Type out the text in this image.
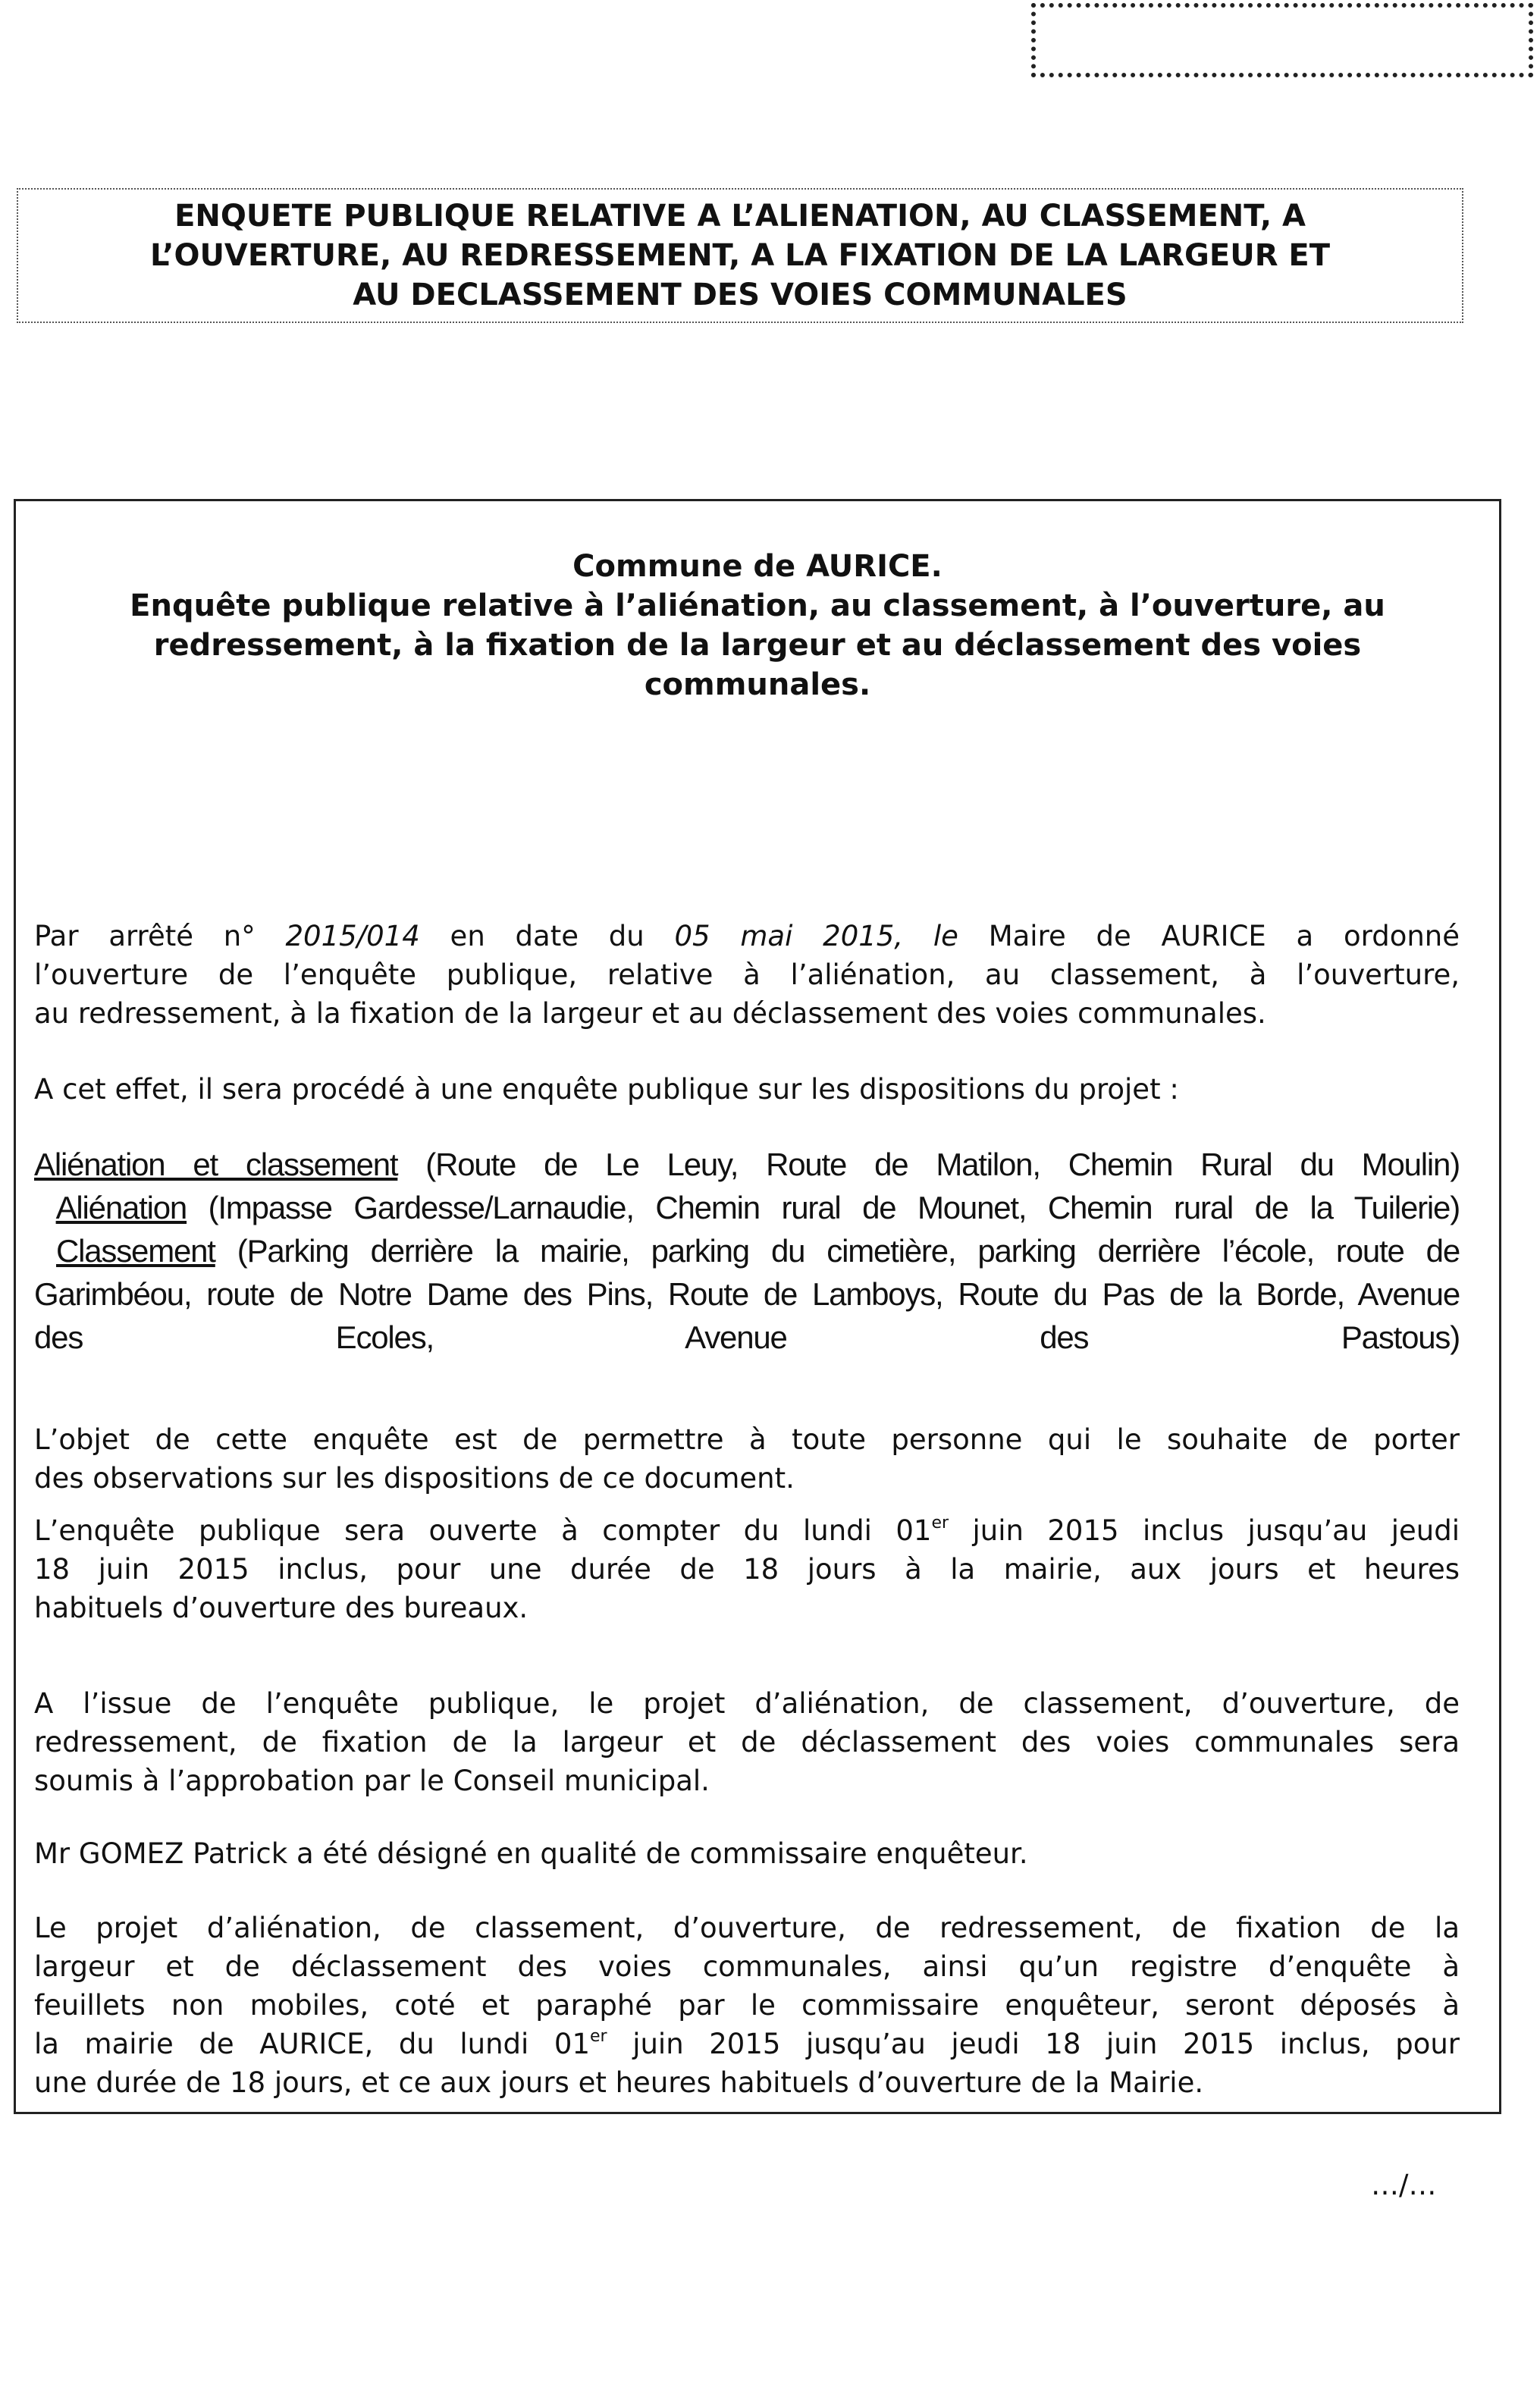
ENQUETE PUBLIQUE RELATIVE A L’ALIENATION, AU CLASSEMENT, A
L’OUVERTURE, AU REDRESSEMENT, A LA FIXATION DE LA LARGEUR ET
AU DECLASSEMENT DES VOIES COMMUNALES
Commune de AURICE.
Enquête publique relative à l’aliénation, au classement, à l’ouverture, au
redressement, à la fixation de la largeur et au déclassement des voies
communales.
Par arrêté n° 2015/014 en date du 05 mai 2015, le Maire de AURICE a ordonné
l’ouverture de l’enquête publique, relative à l’aliénation, au classement, à l’ouverture,
au redressement, à la fixation de la largeur et au déclassement des voies communales.
A cet effet, il sera procédé à une enquête publique sur les dispositions du projet :
Aliénation et classement (Route de Le Leuy, Route de Matilon, Chemin Rural du Moulin)
Aliénation (Impasse Gardesse/Larnaudie, Chemin rural de Mounet, Chemin rural de la Tuilerie)
Classement (Parking derrière la mairie, parking du cimetière, parking derrière l’école, route de
Garimbéou, route de Notre Dame des Pins, Route de Lamboys, Route du Pas de la Borde, Avenue
des Ecoles, Avenue des Pastous)
L’objet de cette enquête est de permettre à toute personne qui le souhaite de porter
des observations sur les dispositions de ce document.
L’enquête publique sera ouverte à compter du lundi 01er juin 2015 inclus jusqu’au jeudi
18 juin 2015 inclus, pour une durée de 18 jours à la mairie, aux jours et heures
habituels d’ouverture des bureaux.
A l’issue de l’enquête publique, le projet d’aliénation, de classement, d’ouverture, de
redressement, de fixation de la largeur et de déclassement des voies communales sera
soumis à l’approbation par le Conseil municipal.
Mr GOMEZ Patrick a été désigné en qualité de commissaire enquêteur.
Le projet d’aliénation, de classement, d’ouverture, de redressement, de fixation de la
largeur et de déclassement des voies communales, ainsi qu’un registre d’enquête à
feuillets non mobiles, coté et paraphé par le commissaire enquêteur, seront déposés à
la mairie de AURICE, du lundi 01er juin 2015 jusqu’au jeudi 18 juin 2015 inclus, pour
une durée de 18 jours, et ce aux jours et heures habituels d’ouverture de la Mairie.
…/…
